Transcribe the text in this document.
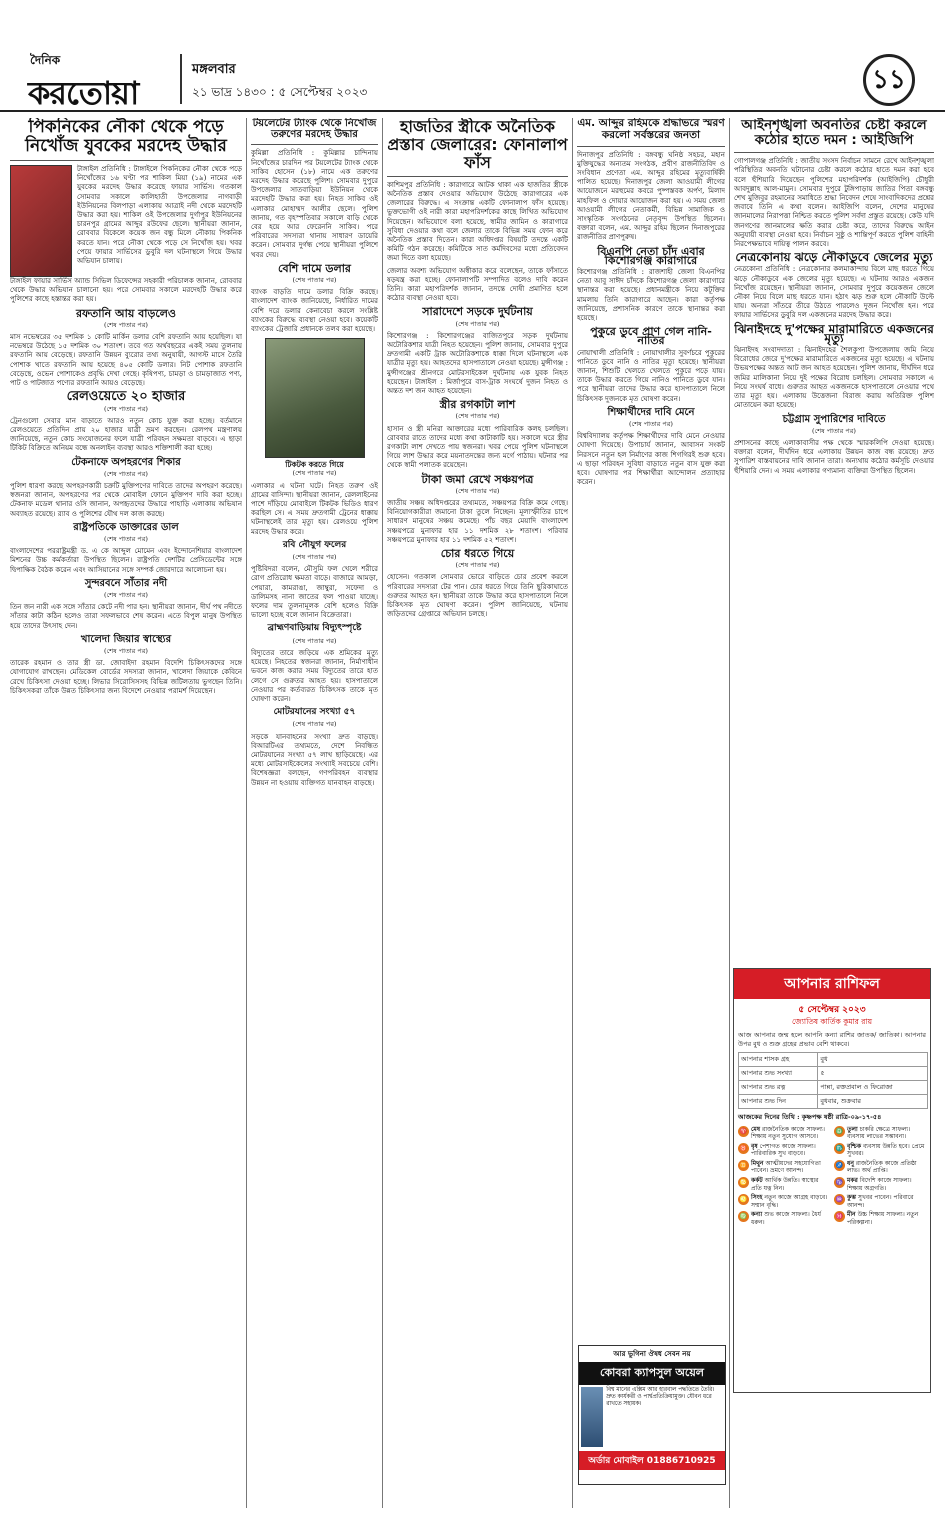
দৈনিক
করতোয়া
মঙ্গলবার
২১ ভাদ্র ১৪৩০ : ৫ সেপ্টেম্বর ২০২৩	১১
পিকনিকের নৌকা থেকে পড়ে নিখোঁজ যুবকের মরদেহ উদ্ধার

টাঙ্গাইল প্রতিনিধি : টাঙ্গাইলে পিকনিকের নৌকা থেকে পড়ে নিখোঁজের ১৬ ঘণ্টা পর শাকিল মিয়া (১৯) নামের এক যুবকের মরদেহ উদ্ধার করেছে ফায়ার সার্ভিস। গতকাল সোমবার সকালে কালিহাতী উপজেলার নাগবাড়ী ইউনিয়নের বিলপাড়া এলাকায় আত্রাই নদী থেকে মরদেহটি উদ্ধার করা হয়। শাকিল ওই উপজেলার দুর্গাপুর ইউনিয়নের চারনপুর গ্রামের আব্দুর রউফের ছেলে। স্থানীয়রা জানান, রোববার বিকেলে কয়েক জন বন্ধু মিলে নৌকায় পিকনিক করতে যান। পরে নৌকা থেকে পড়ে সে নিখোঁজ হয়। খবর পেয়ে ফায়ার সার্ভিসের ডুবুরি দল ঘটনাস্থলে গিয়ে উদ্ধার অভিযান চালায়।

টাঙ্গাইল ফায়ার সার্ভিস অ্যান্ড সিভিল ডিফেন্সের সহকারী পরিচালক জানান, রোববার থেকে উদ্ধার অভিযান চালানো হয়। পরে সোমবার সকালে মরদেহটি উদ্ধার করে পুলিশের কাছে হস্তান্তর করা হয়।

রফতানি আয় বাড়লেও
(শেষ পাতার পর)

মাস নভেম্বরের ৩৫ দশমিক ১ কোটি মার্কিন ডলার বেশি রফতানি আয় হয়েছিল। যা নভেম্বরে উঠেছে ১৫ দশমিক ৩০ শতাংশ। তবে গত অর্থবছরের একই সময় তুলনায় রফতানি আয় বেড়েছে। রফতানি উন্নয়ন ব্যুরোর তথ্য অনুযায়ী, আগস্ট মাসে তৈরি পোশাক খাতে রফতানি আয় হয়েছে ৪০৫ কোটি ডলার। নিট পোশাক রফতানি বেড়েছে, ওভেন পোশাকেও প্রবৃদ্ধি দেখা গেছে। কৃষিপণ্য, চামড়া ও চামড়াজাত পণ্য, পাট ও পাটজাত পণ্যের রফতানি আয়ও বেড়েছে।

রেলওয়েতে ২০ হাজার
(শেষ পাতার পর)

ট্রেনগুলো সেবার মান বাড়াতে আরও নতুন কোচ যুক্ত করা হচ্ছে। বর্তমানে রেলওয়েতে প্রতিদিন প্রায় ২০ হাজার যাত্রী ভ্রমণ করছেন। রেলপথ মন্ত্রণালয় জানিয়েছে, নতুন কোচ সংযোজনের ফলে যাত্রী পরিবহন সক্ষমতা বাড়বে। এ ছাড়া টিকিট বিক্রিতে অনিয়ম বন্ধে অনলাইন ব্যবস্থা আরও শক্তিশালী করা হচ্ছে।

টেকনাফে অপহরণের শিকার
(শেষ পাতার পর)

পুলিশ ধারণা করছে অপহরণকারী চক্রটি মুক্তিপণের দাবিতে তাদের অপহরণ করেছে। স্বজনরা জানান, অপহরণের পর থেকে মোবাইল ফোনে মুক্তিপণ দাবি করা হচ্ছে। টেকনাফ মডেল থানার ওসি জানান, অপহৃতদের উদ্ধারে পাহাড়ি এলাকায় অভিযান অব্যাহত রয়েছে। র‍্যাব ও পুলিশের যৌথ দল কাজ করছে।

রাষ্ট্রপতিকে ডাক্তারের ডাল
(শেষ পাতার পর)

বাংলাদেশের পররাষ্ট্রমন্ত্রী ড. এ কে আব্দুল মোমেন এবং ইন্দোনেশিয়ার বাংলাদেশ মিশনের উচ্চ কর্মকর্তারা উপস্থিত ছিলেন। রাষ্ট্রপতি দেশটির প্রেসিডেন্টের সঙ্গে দ্বিপাক্ষিক বৈঠক করেন এবং আসিয়ানের সঙ্গে সম্পর্ক জোরদারে আলোচনা হয়।

সুন্দরবনে সাঁতার নদী
(শেষ পাতার পর)

তিন জন নারী এক সঙ্গে সাঁতার কেটে নদী পার হন। স্থানীয়রা জানান, দীর্ঘ পথ নদীতে সাঁতার কাটা কঠিন হলেও তারা সফলভাবে শেষ করেন। এতে বিপুল মানুষ উপস্থিত হয়ে তাদের উৎসাহ দেন।

খালেদা জিয়ার স্বাস্থ্যের
(শেষ পাতার পর)

তারেক রহমান ও তার স্ত্রী ডা. জোবাইদা রহমান বিদেশি চিকিৎসকদের সঙ্গে যোগাযোগ রাখছেন। মেডিকেল বোর্ডের সদস্যরা জানান, খালেদা জিয়াকে কেবিনে রেখে চিকিৎসা দেওয়া হচ্ছে। লিভার সিরোসিসসহ বিভিন্ন জটিলতায় ভুগছেন তিনি। চিকিৎসকরা তাঁকে উন্নত চিকিৎসার জন্য বিদেশে নেওয়ার পরামর্শ দিয়েছেন।

টয়লেটের ট্যাংক থেকে নিখোঁজ তরুণের মরদেহ উদ্ধার

কুমিল্লা প্রতিনিধি : কুমিল্লার চান্দিনায় নিখোঁজের চারদিন পর টয়লেটের ট্যাংক থেকে সাকিব হোসেন (১৮) নামে এক তরুণের মরদেহ উদ্ধার করেছে পুলিশ। সোমবার দুপুরে উপজেলার সাতবাড়িয়া ইউনিয়ন থেকে মরদেহটি উদ্ধার করা হয়। নিহত সাকিব ওই এলাকার মোহাম্মদ আলীর ছেলে। পুলিশ জানায়, গত বৃহস্পতিবার সকালে বাড়ি থেকে বের হয়ে আর ফেরেননি সাকিব। পরে পরিবারের সদস্যরা থানায় সাধারণ ডায়েরি করেন। সোমবার দুর্গন্ধ পেয়ে স্থানীয়রা পুলিশে খবর দেয়।

বেশি দামে ডলার
(শেষ পাতার পর)

ব্যাংক বাড়তি দামে ডলার বিক্রি করছে। বাংলাদেশ ব্যাংক জানিয়েছে, নির্ধারিত দামের বেশি দরে ডলার কেনাবেচা করলে সংশ্লিষ্ট ব্যাংকের বিরুদ্ধে ব্যবস্থা নেওয়া হবে। কয়েকটি ব্যাংকের ট্রেজারি প্রধানকে তলব করা হয়েছে।

টিকটক করতে গিয়ে
(শেষ পাতার পর)

এলাকার এ ঘটনা ঘটে। নিহত তরুণ ওই গ্রামের বাসিন্দা। স্থানীয়রা জানান, রেললাইনের পাশে দাঁড়িয়ে মোবাইলে টিকটক ভিডিও ধারণ করছিল সে। এ সময় দ্রুতগামী ট্রেনের ধাক্কায় ঘটনাস্থলেই তার মৃত্যু হয়। রেলওয়ে পুলিশ মরদেহ উদ্ধার করে।

রবি নৌযুগ ফলের
(শেষ পাতার পর)

পুষ্টিবিদরা বলেন, মৌসুমি ফল খেলে শরীরে রোগ প্রতিরোধ ক্ষমতা বাড়ে। বাজারে আমড়া, পেয়ারা, কামরাঙা, জাম্বুরা, সফেদা ও ডালিমসহ নানা জাতের ফল পাওয়া যাচ্ছে। ফলের দাম তুলনামূলক বেশি হলেও বিক্রি ভালো হচ্ছে বলে জানান বিক্রেতারা।

ব্রাহ্মণবাড়িয়ায় বিদ্যুৎস্পৃষ্টে
(শেষ পাতার পর)

বিদ্যুতের তারে জড়িয়ে এক শ্রমিকের মৃত্যু হয়েছে। নিহতের স্বজনরা জানান, নির্মাণাধীন ভবনে কাজ করার সময় বিদ্যুতের তারে হাত লেগে সে গুরুতর আহত হয়। হাসপাতালে নেওয়ার পর কর্তব্যরত চিকিৎসক তাকে মৃত ঘোষণা করেন।

মোটরযানের সংখ্যা ৫৭
(শেষ পাতার পর)

সড়কে যানবাহনের সংখ্যা দ্রুত বাড়ছে। বিআরটিএর তথ্যমতে, দেশে নিবন্ধিত মোটরযানের সংখ্যা ৫৭ লাখ ছাড়িয়েছে। এর মধ্যে মোটরসাইকেলের সংখ্যাই সবচেয়ে বেশি। বিশেষজ্ঞরা বলছেন, গণপরিবহন ব্যবস্থার উন্নয়ন না হওয়ায় ব্যক্তিগত যানবাহন বাড়ছে।

হাজতির স্ত্রীকে অনৈতিক প্রস্তাব জেলারের: ফোনালাপ ফাঁস

কাশিমপুর প্রতিনিধি : কারাগারে আটক থাকা এক হাজতির স্ত্রীকে অনৈতিক প্রস্তাব দেওয়ার অভিযোগ উঠেছে কারাগারের এক জেলারের বিরুদ্ধে। এ সংক্রান্ত একটি ফোনালাপ ফাঁস হয়েছে। ভুক্তভোগী ওই নারী কারা মহাপরিদর্শকের কাছে লিখিত অভিযোগ দিয়েছেন। অভিযোগে বলা হয়েছে, স্বামীর জামিন ও কারাগারে সুবিধা দেওয়ার কথা বলে জেলার তাকে বিভিন্ন সময় ফোন করে অনৈতিক প্রস্তাব দিতেন। কারা অধিদপ্তর বিষয়টি তদন্তে একটি কমিটি গঠন করেছে। কমিটিকে সাত কর্মদিবসের মধ্যে প্রতিবেদন জমা দিতে বলা হয়েছে।

জেলার অবশ্য অভিযোগ অস্বীকার করে বলেছেন, তাকে ফাঁসাতে ষড়যন্ত্র করা হচ্ছে। ফোনালাপটি সম্পাদিত বলেও দাবি করেন তিনি। কারা মহাপরিদর্শক জানান, তদন্তে দোষী প্রমাণিত হলে কঠোর ব্যবস্থা নেওয়া হবে।

সারাদেশে সড়কে দুর্ঘটনায়
(শেষ পাতার পর)

কিশোরগঞ্জ : কিশোরগঞ্জের বাজিতপুরে সড়ক দুর্ঘটনায় অটোরিকশার যাত্রী নিহত হয়েছেন। পুলিশ জানায়, সোমবার দুপুরে দ্রুতগামী একটি ট্রাক অটোরিকশাকে ধাক্কা দিলে ঘটনাস্থলে এক যাত্রীর মৃত্যু হয়। আহতদের হাসপাতালে নেওয়া হয়েছে। মুন্সীগঞ্জ : মুন্সীগঞ্জের শ্রীনগরে মোটরসাইকেল দুর্ঘটনায় এক যুবক নিহত হয়েছেন। টাঙ্গাইল : মির্জাপুরে বাস-ট্রাক সংঘর্ষে দুজন নিহত ও অন্তত দশ জন আহত হয়েছেন।

স্ত্রীর রগকাটা লাশ
(শেষ পাতার পর)

হাসান ও স্ত্রী মনিরা আক্তারের মধ্যে পারিবারিক কলহ চলছিল। রোববার রাতে তাদের মধ্যে কথা কাটাকাটি হয়। সকালে ঘরে স্ত্রীর রগকাটা লাশ দেখতে পায় স্বজনরা। খবর পেয়ে পুলিশ ঘটনাস্থলে গিয়ে লাশ উদ্ধার করে ময়নাতদন্তের জন্য মর্গে পাঠায়। ঘটনার পর থেকে স্বামী পলাতক রয়েছেন।

টাকা জমা রেখে সঞ্চয়পত্র
(শেষ পাতার পর)

জাতীয় সঞ্চয় অধিদপ্তরের তথ্যমতে, সঞ্চয়পত্র বিক্রি কমে গেছে। বিনিয়োগকারীরা জমানো টাকা তুলে নিচ্ছেন। মূল্যস্ফীতির চাপে সাধারণ মানুষের সঞ্চয় কমেছে। পাঁচ বছর মেয়াদি বাংলাদেশ সঞ্চয়পত্রে মুনাফার হার ১১ দশমিক ২৮ শতাংশ। পরিবার সঞ্চয়পত্রে মুনাফার হার ১১ দশমিক ৫২ শতাংশ।

চোর ধরতে গিয়ে
(শেষ পাতার পর)

হোসেন। গতকাল সোমবার ভোরে বাড়িতে চোর প্রবেশ করলে পরিবারের সদস্যরা টের পান। চোর ধরতে গিয়ে তিনি ছুরিকাঘাতে গুরুতর আহত হন। স্থানীয়রা তাকে উদ্ধার করে হাসপাতালে নিলে চিকিৎসক মৃত ঘোষণা করেন। পুলিশ জানিয়েছে, ঘটনায় জড়িতদের গ্রেপ্তারে অভিযান চলছে।

এম. আব্দুর রহিমকে শ্রদ্ধাভরে স্মরণ করলো সর্বস্তরের জনতা

দিনাজপুর প্রতিনিধি : বঙ্গবন্ধু ঘনিষ্ঠ সহচর, মহান মুক্তিযুদ্ধের অন্যতম সংগঠক, প্রবীণ রাজনীতিবিদ ও সংবিধান প্রণেতা এম. আব্দুর রহিমের মৃত্যুবার্ষিকী পালিত হয়েছে। দিনাজপুর জেলা আওয়ামী লীগের আয়োজনে মরহুমের কবরে পুষ্পস্তবক অর্পণ, মিলাদ মাহফিল ও দোয়ার আয়োজন করা হয়। এ সময় জেলা আওয়ামী লীগের নেতাকর্মী, বিভিন্ন সামাজিক ও সাংস্কৃতিক সংগঠনের নেতৃবৃন্দ উপস্থিত ছিলেন। বক্তারা বলেন, এম. আব্দুর রহিম ছিলেন দিনাজপুরের রাজনীতির প্রাণপুরুষ।

বিএনপি নেতা চাঁদ এবার কিশোরগঞ্জ কারাগারে

কিশোরগঞ্জ প্রতিনিধি : রাজশাহী জেলা বিএনপির নেতা আবু সাঈদ চাঁদকে কিশোরগঞ্জ জেলা কারাগারে স্থানান্তর করা হয়েছে। প্রধানমন্ত্রীকে নিয়ে কটূক্তির মামলায় তিনি কারাগারে আছেন। কারা কর্তৃপক্ষ জানিয়েছে, প্রশাসনিক কারণে তাকে স্থানান্তর করা হয়েছে।

পুকুরে ডুবে প্রাণ গেল নানি-নাতির

নোয়াখালী প্রতিনিধি : নোয়াখালীর সুবর্ণচরে পুকুরের পানিতে ডুবে নানি ও নাতির মৃত্যু হয়েছে। স্থানীয়রা জানান, শিশুটি খেলতে খেলতে পুকুরে পড়ে যায়। তাকে উদ্ধার করতে গিয়ে নানিও পানিতে ডুবে যান। পরে স্থানীয়রা তাদের উদ্ধার করে হাসপাতালে নিলে চিকিৎসক দুজনকে মৃত ঘোষণা করেন।

শিক্ষার্থীদের দাবি মেনে
(শেষ পাতার পর)

বিশ্ববিদ্যালয় কর্তৃপক্ষ শিক্ষার্থীদের দাবি মেনে নেওয়ার ঘোষণা দিয়েছে। উপাচার্য জানান, আবাসন সংকট নিরসনে নতুন হল নির্মাণের কাজ শিগগিরই শুরু হবে। এ ছাড়া পরিবহন সুবিধা বাড়াতে নতুন বাস যুক্ত করা হবে। ঘোষণার পর শিক্ষার্থীরা আন্দোলন প্রত্যাহার করেন।

আর ভুগিনা ঔষধ সেবন নয়
কোবরা ক্যাপসুল অয়েল
বিশ্ব মানের এক্সিম আর হারবাল পদ্ধতিতে তৈরি। দ্রুত কার্যকরী ও পার্শ্বপ্রতিক্রিয়ামুক্ত। যৌবন ধরে রাখতে সহায়ক।
অর্ডার মোবাইল 01886710925
আইনশৃঙ্খলা অবনতির চেষ্টা করলে কঠোর হাতে দমন : আইজিপি

গোপালগঞ্জ প্রতিনিধি : জাতীয় সংসদ নির্বাচন সামনে রেখে আইনশৃঙ্খলা পরিস্থিতির অবনতি ঘটানোর চেষ্টা করলে কঠোর হাতে দমন করা হবে বলে হুঁশিয়ারি দিয়েছেন পুলিশের মহাপরিদর্শক (আইজিপি) চৌধুরী আবদুল্লাহ আল-মামুন। সোমবার দুপুরে টুঙ্গিপাড়ায় জাতির পিতা বঙ্গবন্ধু শেখ মুজিবুর রহমানের সমাধিতে শ্রদ্ধা নিবেদন শেষে সাংবাদিকদের প্রশ্নের জবাবে তিনি এ কথা বলেন। আইজিপি বলেন, দেশের মানুষের জানমালের নিরাপত্তা নিশ্চিত করতে পুলিশ সর্বদা প্রস্তুত রয়েছে। কেউ যদি জনগণের জানমালের ক্ষতি করার চেষ্টা করে, তাদের বিরুদ্ধে আইন অনুযায়ী ব্যবস্থা নেওয়া হবে। নির্বাচন সুষ্ঠু ও শান্তিপূর্ণ করতে পুলিশ বাহিনী নিরপেক্ষভাবে দায়িত্ব পালন করবে।

নেত্রকোনায় ঝড়ে নৌকাডুবে জেলের মৃত্যু

নেত্রকোনা প্রতিনিধি : নেত্রকোনার কলমাকান্দায় বিলে মাছ ধরতে গিয়ে ঝড়ে নৌকাডুবে এক জেলের মৃত্যু হয়েছে। এ ঘটনায় আরও একজন নিখোঁজ রয়েছেন। স্থানীয়রা জানান, সোমবার দুপুরে কয়েকজন জেলে নৌকা নিয়ে বিলে মাছ ধরতে যান। হঠাৎ ঝড় শুরু হলে নৌকাটি উল্টে যায়। অন্যরা সাঁতরে তীরে উঠতে পারলেও দুজন নিখোঁজ হন। পরে ফায়ার সার্ভিসের ডুবুরি দল একজনের মরদেহ উদ্ধার করে।

ঝিনাইদহে দু'পক্ষের মারামারিতে একজনের মৃত্যু

ঝিনাইদহ সংবাদদাতা : ঝিনাইদহের শৈলকুপা উপজেলায় জমি নিয়ে বিরোধের জেরে দু'পক্ষের মারামারিতে একজনের মৃত্যু হয়েছে। এ ঘটনায় উভয়পক্ষের অন্তত আট জন আহত হয়েছেন। পুলিশ জানায়, দীর্ঘদিন ধরে জমির মালিকানা নিয়ে দুই পক্ষের বিরোধ চলছিল। সোমবার সকালে এ নিয়ে সংঘর্ষ বাধে। গুরুতর আহত একজনকে হাসপাতালে নেওয়ার পথে তার মৃত্যু হয়। এলাকায় উত্তেজনা বিরাজ করায় অতিরিক্ত পুলিশ মোতায়েন করা হয়েছে।

চট্টগ্রাম সুপারিশের দাবিতে
(শেষ পাতার পর)

প্রশাসনের কাছে এলাকাবাসীর পক্ষ থেকে স্মারকলিপি দেওয়া হয়েছে। বক্তারা বলেন, দীর্ঘদিন ধরে এলাকায় উন্নয়ন কাজ বন্ধ রয়েছে। দ্রুত সুপারিশ বাস্তবায়নের দাবি জানান তারা। অন্যথায় কঠোর কর্মসূচি দেওয়ার হুঁশিয়ারি দেন। এ সময় এলাকার গণ্যমান্য ব্যক্তিরা উপস্থিত ছিলেন।

আপনার রাশিফল
৫ সেপ্টেম্বর ২০২৩
জ্যোতিষ কার্তিক কুমার রায়
আজ আপনার জন্ম হলে আপনি কন্যা রাশির জাতক/ জাতিকা। আপনার উপর বুধ ও শুক্র গ্রহের প্রভাব বেশি থাকবে।
আপনার শাসক গ্রহ	বুধ
আপনার শুভ সংখ্যা	৫
আপনার শুভ রত্ন	পান্না, রক্তপ্রবাল ও ফিরোজা
আপনার শুভ দিন	বুধবার, শুক্রবার
আজকের দিনের তিথি : কৃষ্ণপক্ষ ষষ্ঠী রাত্রি-০৯-১৭-৫৪
♈ মেষ রাজনৈতিক কাজে সাফল্য। শিক্ষায় নতুন সুযোগ আসবে।
♎ তুলা চাকরি ক্ষেত্রে সাফল্য। ব্যবসায় লাভের সম্ভাবনা।
♉ বৃষ পেশাগত কাজে সাফল্য। পারিবারিক সুখ বাড়বে।
♏ বৃশ্চিক ব্যবসায় উন্নতি হবে। প্রেমে সুখবর।
♊ মিথুন আত্মীয়দের সহযোগিতা পাবেন। ভ্রমণে আনন্দ।
♐ ধনু রাজনৈতিক কাজে প্রতিষ্ঠা লাভ। অর্থ প্রাপ্তি।
♋ কর্কট আর্থিক উন্নতি। স্বাস্থ্যের প্রতি যত্ন নিন।
♑ মকর বিদেশি কাজে সাফল্য। শিক্ষায় অগ্রগতি।
♌ সিংহ নতুন কাজে আগ্রহ বাড়বে। সম্মান বৃদ্ধি।
♒ কুম্ভ সুখবর পাবেন। পরিবারে আনন্দ।
♍ কন্যা শুভ কাজে সাফল্য। ধৈর্য ধরুন।
♓ মীন উচ্চ শিক্ষায় সাফল্য। নতুন পরিকল্পনা।
